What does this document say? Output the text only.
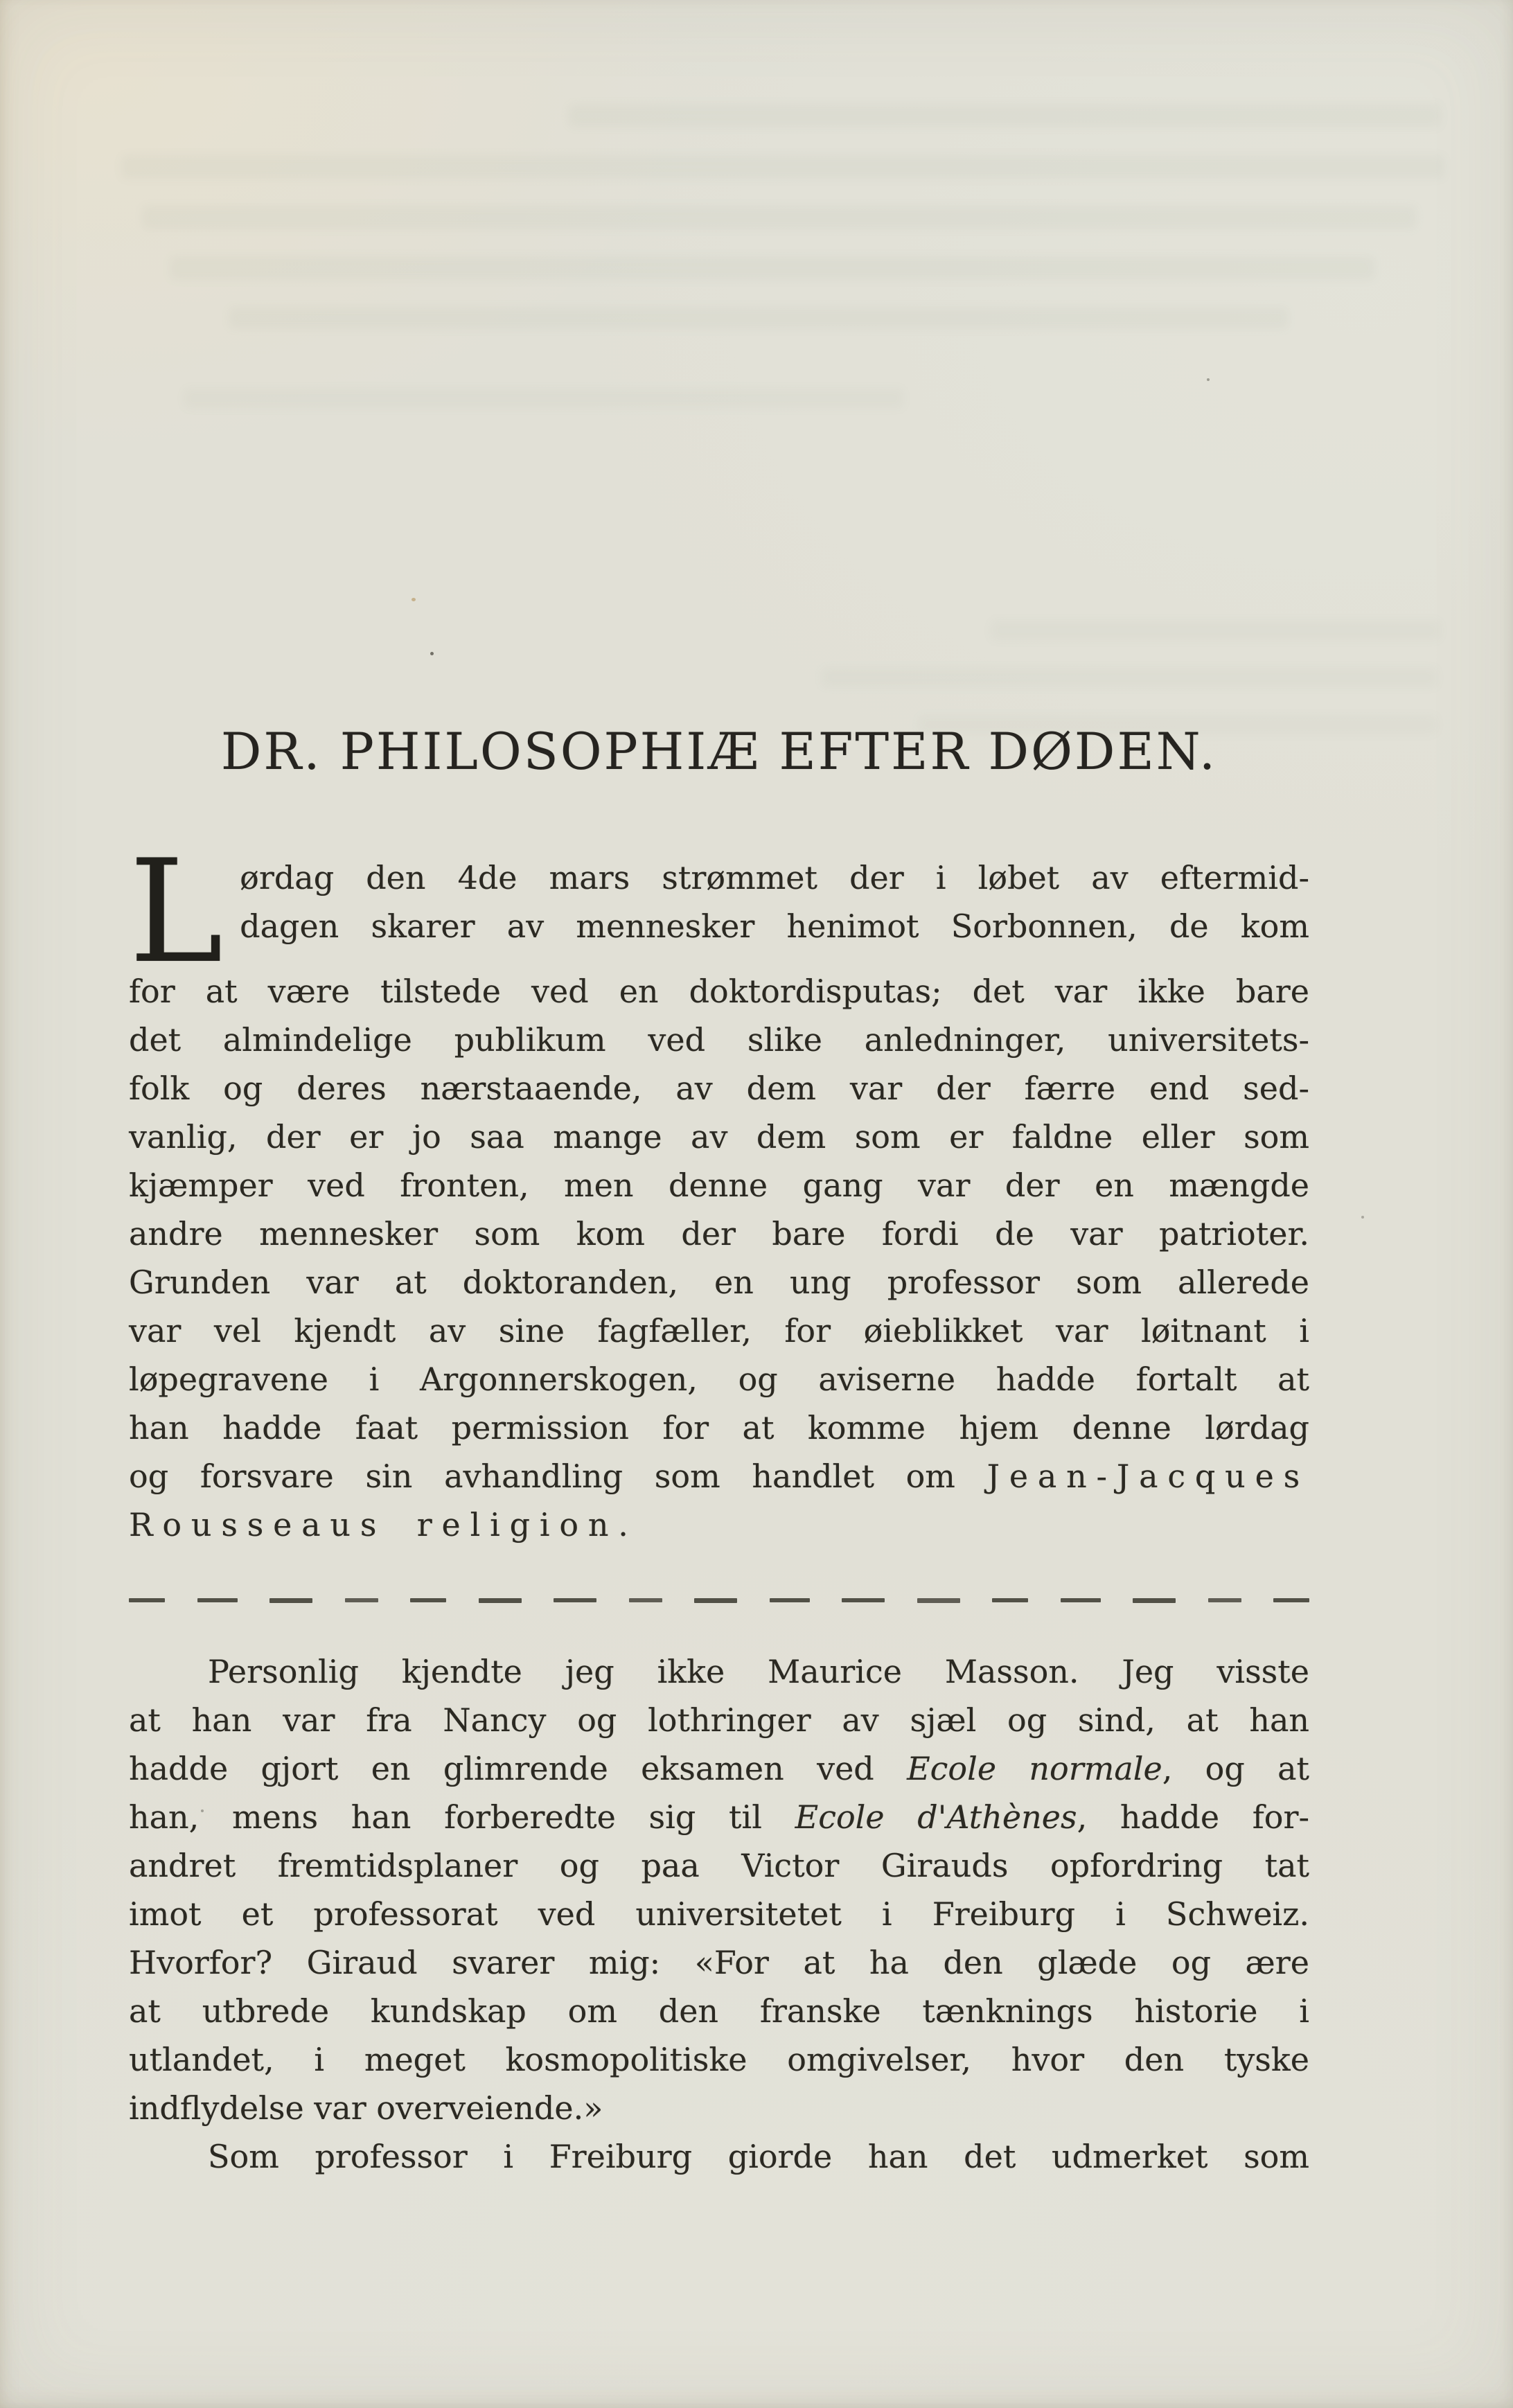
DR. PHILOSOPHIÆ EFTER DØDEN.
L ørdag den 4de mars strømmet der i løbet av eftermid-
dagen skarer av mennesker henimot Sorbonnen, de kom
for at være tilstede ved en doktordisputas; det var ikke bare
det almindelige publikum ved slike anledninger, universitets-
folk og deres nærstaaende, av dem var der færre end sed-
vanlig, der er jo saa mange av dem som er faldne eller som
kjæmper ved fronten, men denne gang var der en mængde
andre mennesker som kom der bare fordi de var patrioter.
Grunden var at doktoranden, en ung professor som allerede
var vel kjendt av sine fagfæller, for øieblikket var løitnant i
løpegravene i Argonnerskogen, og aviserne hadde fortalt at
han hadde faat permission for at komme hjem denne lørdag
og forsvare sin avhandling som handlet om Jean-Jacques
Rousseaus religion.
Personlig kjendte jeg ikke Maurice Masson. Jeg visste
at han var fra Nancy og lothringer av sjæl og sind, at han
hadde gjort en glimrende eksamen ved Ecole normale, og at
han, mens han forberedte sig til Ecole d'Athènes, hadde for-
andret fremtidsplaner og paa Victor Girauds opfordring tat
imot et professorat ved universitetet i Freiburg i Schweiz.
Hvorfor? Giraud svarer mig: «For at ha den glæde og ære
at utbrede kundskap om den franske tænknings historie i
utlandet, i meget kosmopolitiske omgivelser, hvor den tyske
indflydelse var overveiende.»
Som professor i Freiburg giorde han det udmerket som
